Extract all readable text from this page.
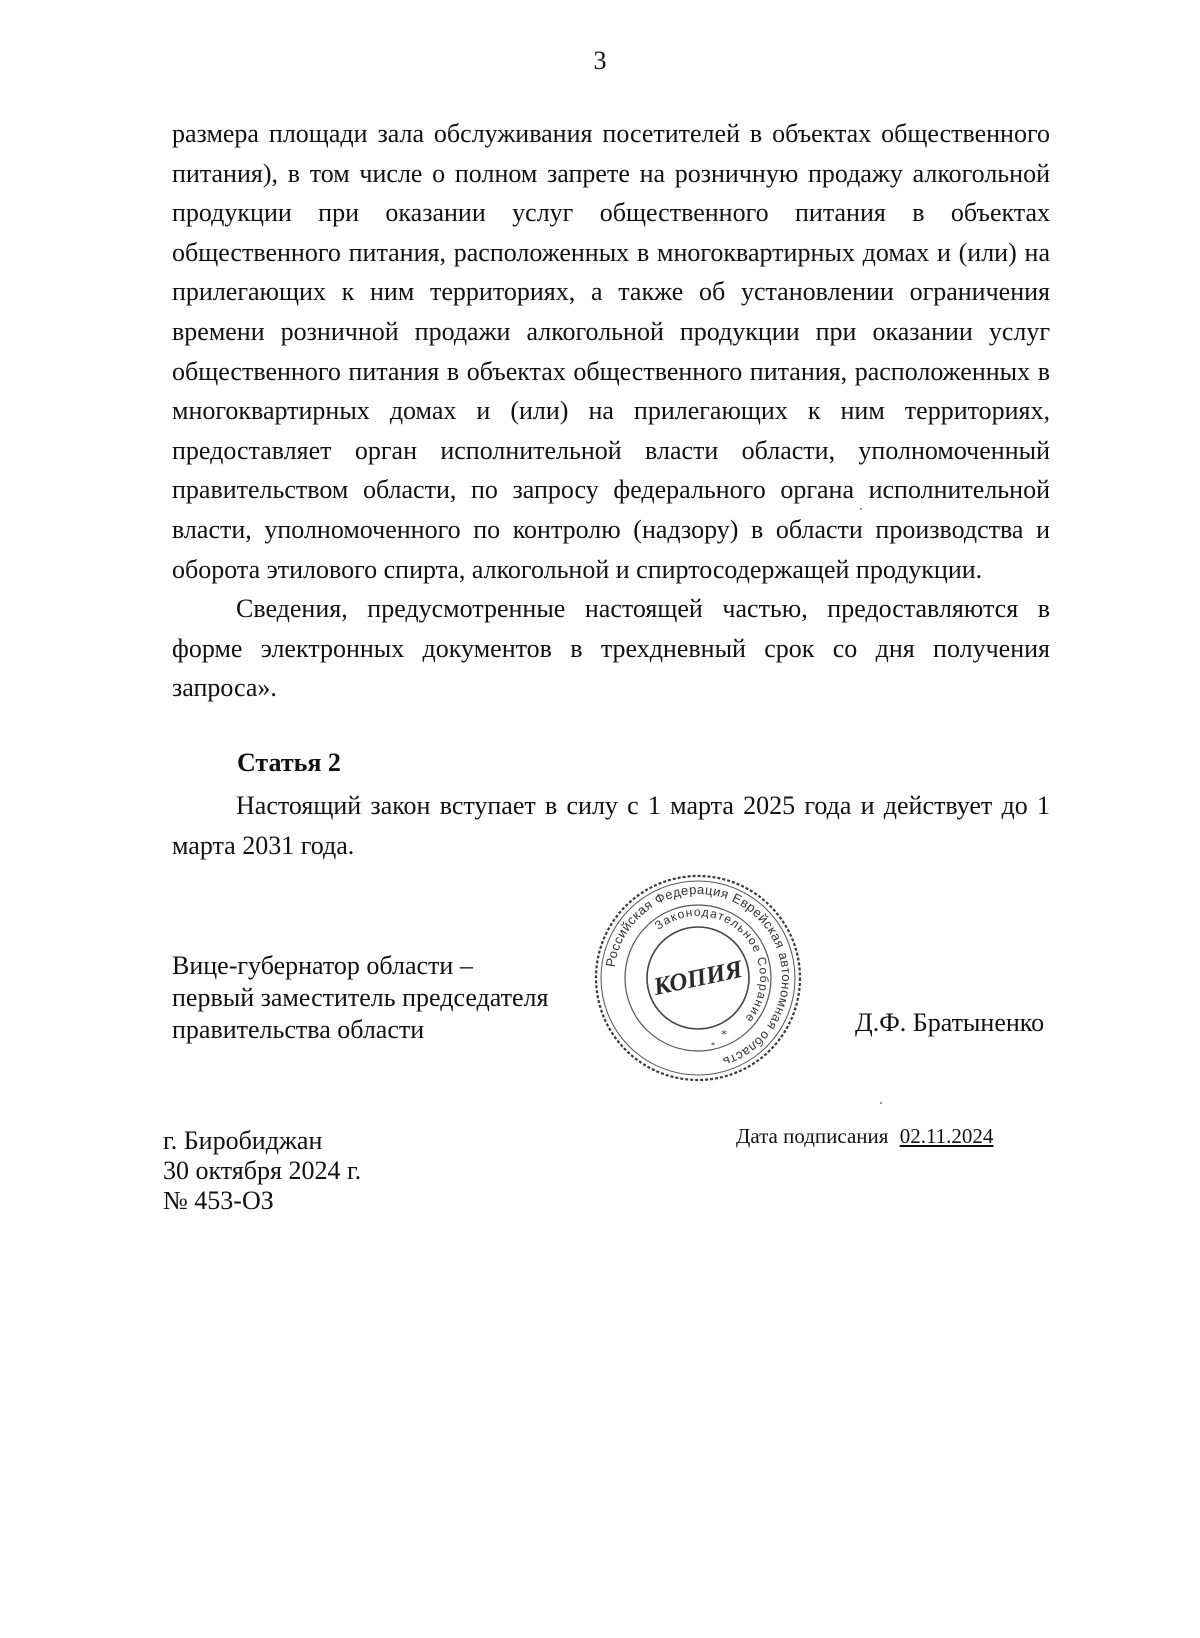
3

размера площади зала обслуживания посетителей в объектах общественного питания), в том числе о полном запрете на розничную продажу алкогольной продукции при оказании услуг общественного питания в объектах общественного питания, расположенных в многоквартирных домах и (или) на прилегающих к ним территориях, а также об установлении ограничения времени розничной продажи алкогольной продукции при оказании услуг общественного питания в объектах общественного питания, расположенных в многоквартирных домах и (или) на прилегающих к ним территориях, предоставляет орган исполнительной власти области, уполномоченный правительством области, по запросу федерального органа исполнительной власти, уполномоченного по контролю (надзору) в области производства и оборота этилового спирта, алкогольной и спиртосодержащей продукции.

Сведения, предусмотренные настоящей частью, предоставляются в форме электронных документов в трехдневный срок со дня получения запроса».

Статья 2

Настоящий закон вступает в силу с 1 марта 2025 года и действует до 1 марта 2031 года.

Вице-губернатор области –
первый заместитель председателя
правительства области
Российская Федерация Еврейская автономная область
Законодательное Собрание
КОПИЯ
*
*
Д.Ф. Братыненко
г. Биробиджан
30 октября 2024 г.
№ 453-ОЗ
Дата подписания 02.11.2024
